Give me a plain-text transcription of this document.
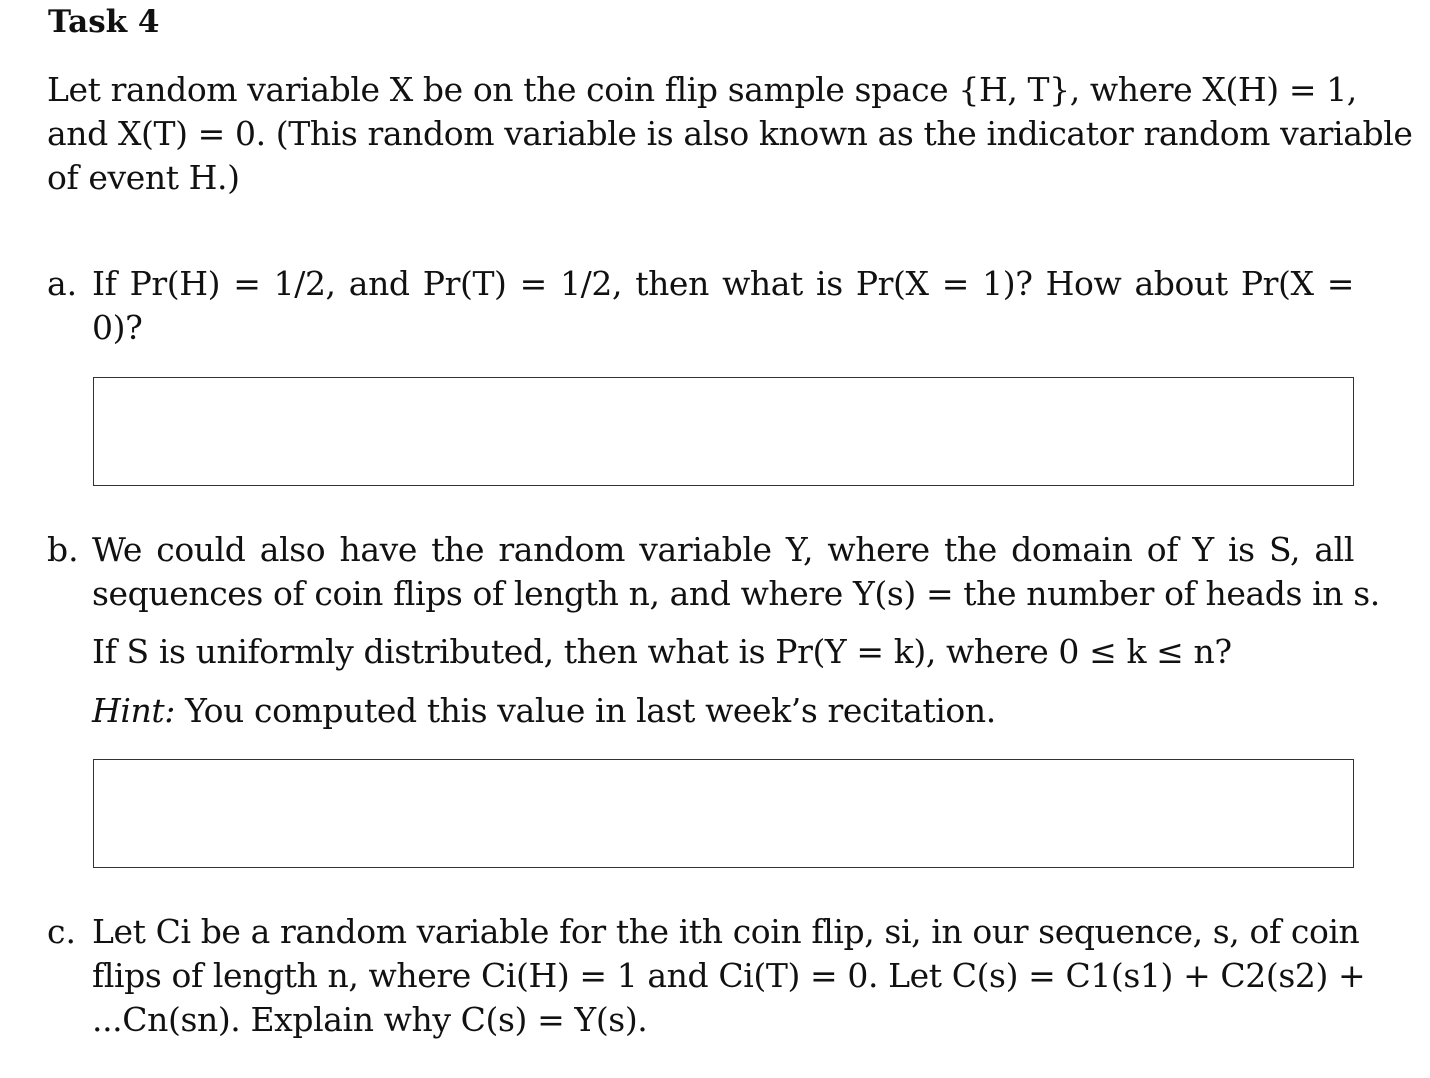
Task 4
Let random variable X be on the coin flip sample space {H, T}, where X(H) = 1,
and X(T) = 0. (This random variable is also known as the indicator random variable
of event H.)
a. If Pr(H) = 1/2, and Pr(T) = 1/2, then what is Pr(X = 1)? How about Pr(X =
0)?
b. We could also have the random variable Y, where the domain of Y is S, all
sequences of coin flips of length n, and where Y(s) = the number of heads in s.
If S is uniformly distributed, then what is Pr(Y = k), where 0 ≤ k ≤ n?
Hint: You computed this value in last week’s recitation.
c. Let Ci be a random variable for the ith coin flip, si, in our sequence, s, of coin
flips of length n, where Ci(H) = 1 and Ci(T) = 0. Let C(s) = C1(s1) + C2(s2) +
...Cn(sn). Explain why C(s) = Y(s).
